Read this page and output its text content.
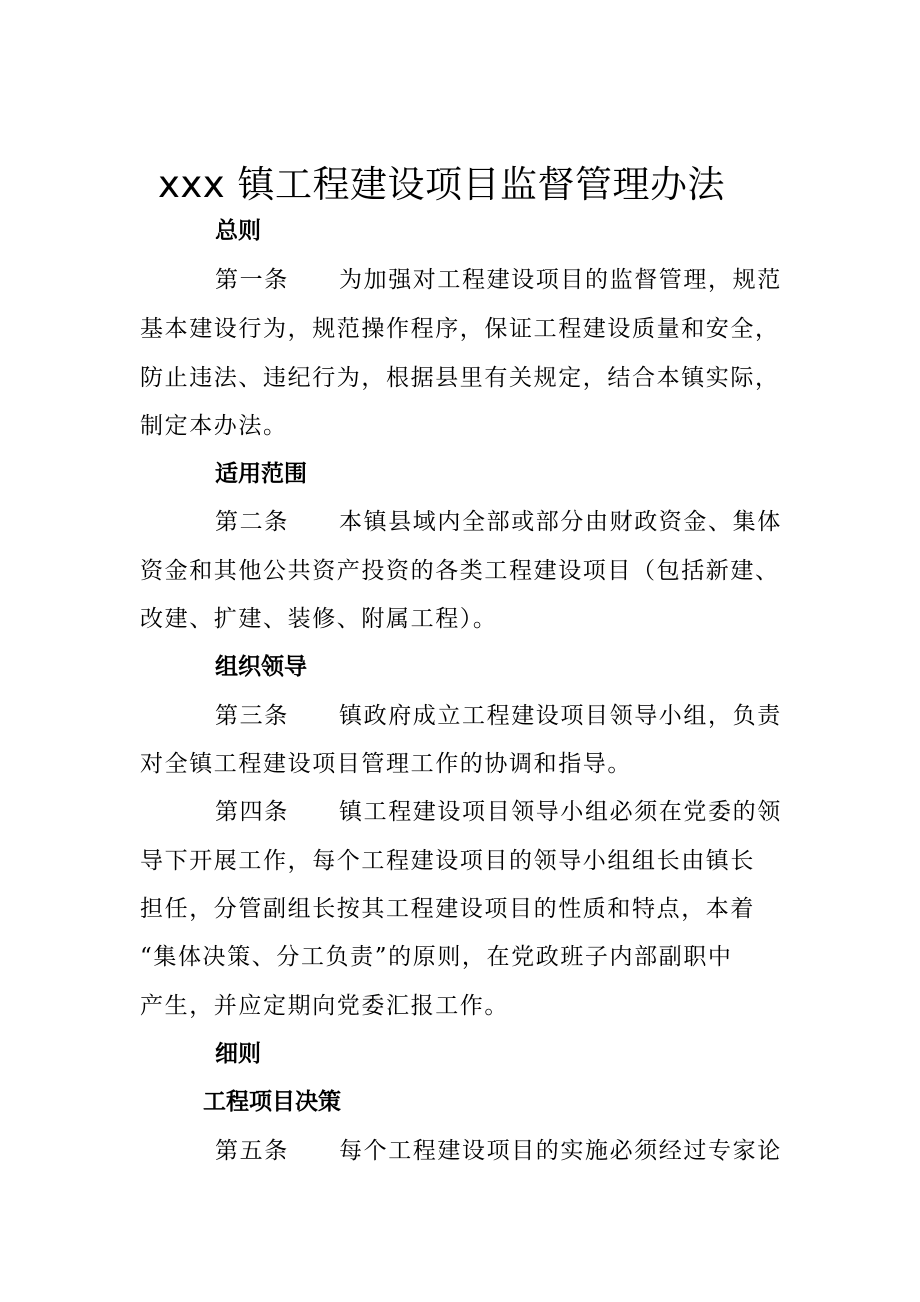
xxx 镇工程建设项目监督管理办法
总则
第一条 为加强对工程建设项目的监督管理，规范
基本建设行为，规范操作程序，保证工程建设质量和安全，
防止违法、违纪行为，根据县里有关规定，结合本镇实际，
制定本办法。
适用范围
第二条 本镇县域内全部或部分由财政资金、集体
资金和其他公共资产投资的各类工程建设项目（包括新建、
改建、扩建、装修、附属工程）。
组织领导
第三条 镇政府成立工程建设项目领导小组，负责
对全镇工程建设项目管理工作的协调和指导。
第四条 镇工程建设项目领导小组必须在党委的领
导下开展工作，每个工程建设项目的领导小组组长由镇长
担任，分管副组长按其工程建设项目的性质和特点，本着
“集体决策、分工负责”的原则，在党政班子内部副职中
产生，并应定期向党委汇报工作。
细则
工程项目决策
第五条 每个工程建设项目的实施必须经过专家论
